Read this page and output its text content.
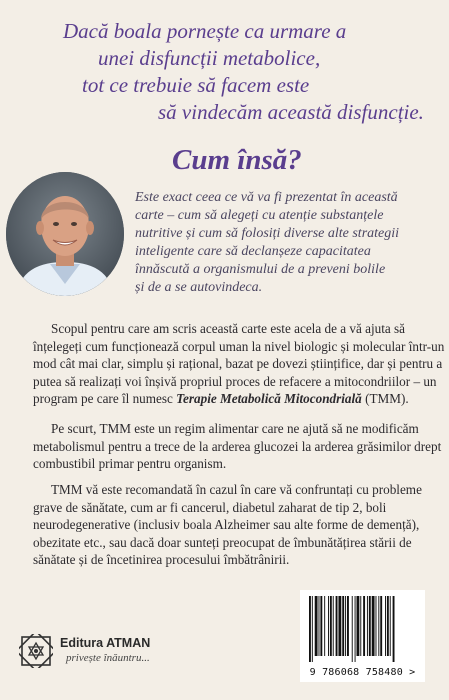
Dacă boala pornește ca urmare a
unei disfuncții metabolice,
tot ce trebuie să facem este
să vindecăm această disfuncție.
Cum însă?
Este exact ceea ce vă va fi prezentat în această
carte – cum să alegeți cu atenție substanțele
nutritive și cum să folosiți diverse alte strategii
inteligente care să declanșeze capacitatea
înnăscută a organismului de a preveni bolile
și de a se autovindeca.
Scopul pentru care am scris această carte este acela de a vă ajuta să
înțelegeți cum funcționează corpul uman la nivel biologic și molecular într-un
mod cât mai clar, simplu și rațional, bazat pe dovezi științifice, dar și pentru a
putea să realizați voi înșivă propriul proces de refacere a mitocondriilor – un
program pe care îl numesc Terapie Metabolică Mitocondrială (TMM).
Pe scurt, TMM este un regim alimentar care ne ajută să ne modificăm
metabolismul pentru a trece de la arderea glucozei la arderea grăsimilor drept
combustibil primar pentru organism.
TMM vă este recomandată în cazul în care vă confruntați cu probleme
grave de sănătate, cum ar fi cancerul, diabetul zaharat de tip 2, boli
neurodegenerative (inclusiv boala Alzheimer sau alte forme de demență),
obezitate etc., sau dacă doar sunteți preocupat de îmbunătățirea stării de
sănătate și de încetinirea procesului îmbătrânirii.
Editura ATMAN
privește înăuntru...
9 786068 758480 >
